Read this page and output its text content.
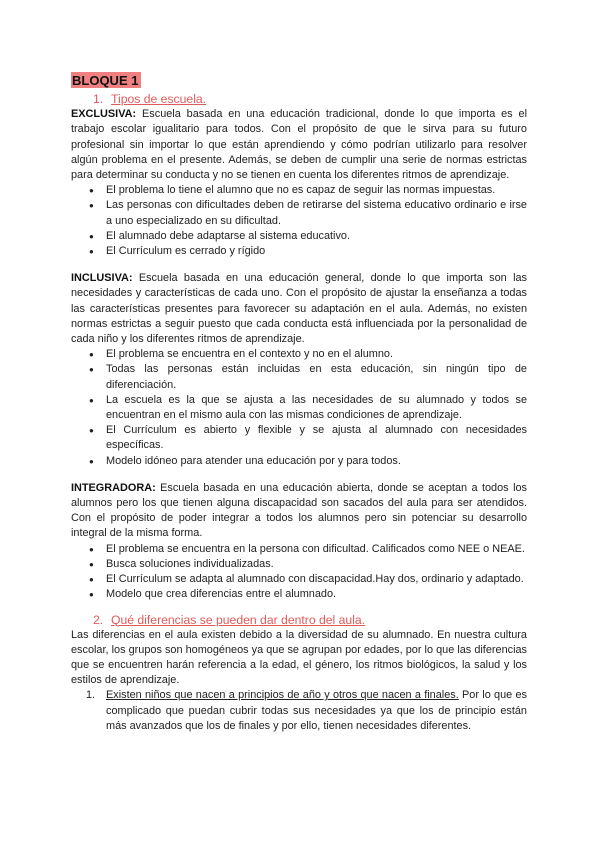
BLOQUE 1
1. Tipos de escuela.

EXCLUSIVA: Escuela basada en una educación tradicional, donde lo que importa es el trabajo escolar igualitario para todos. Con el propósito de que le sirva para su futuro profesional sin importar lo que están aprendiendo y cómo podrían utilizarlo para resolver algún problema en el presente. Además, se deben de cumplir una serie de normas estrictas para determinar su conducta y no se tienen en cuenta los diferentes ritmos de aprendizaje.

● El problema lo tiene el alumno que no es capaz de seguir las normas impuestas.
● Las personas con dificultades deben de retirarse del sistema educativo ordinario e irse a uno especializado en su dificultad.
● El alumnado debe adaptarse al sistema educativo.
● El Currículum es cerrado y rígido

INCLUSIVA: Escuela basada en una educación general, donde lo que importa son las necesidades y características de cada uno. Con el propósito de ajustar la enseñanza a todas las características presentes para favorecer su adaptación en el aula. Además, no existen normas estrictas a seguir puesto que cada conducta está influenciada por la personalidad de cada niño y los diferentes ritmos de aprendizaje.

● El problema se encuentra en el contexto y no en el alumno.
● Todas las personas están incluidas en esta educación, sin ningún tipo de diferenciación.
● La escuela es la que se ajusta a las necesidades de su alumnado y todos se encuentran en el mismo aula con las mismas condiciones de aprendizaje.
● El Currículum es abierto y flexible y se ajusta al alumnado con necesidades específicas.
● Modelo idóneo para atender una educación por y para todos.

INTEGRADORA: Escuela basada en una educación abierta, donde se aceptan a todos los alumnos pero los que tienen alguna discapacidad son sacados del aula para ser atendidos. Con el propósito de poder integrar a todos los alumnos pero sin potenciar su desarrollo integral de la misma forma.

● El problema se encuentra en la persona con dificultad. Calificados como NEE o NEAE.
● Busca soluciones individualizadas.
● El Currículum se adapta al alumnado con discapacidad.Hay dos, ordinario y adaptado.
● Modelo que crea diferencias entre el alumnado.
2. Qué diferencias se pueden dar dentro del aula.

Las diferencias en el aula existen debido a la diversidad de su alumnado. En nuestra cultura escolar, los grupos son homogéneos ya que se agrupan por edades, por lo que las diferencias que se encuentren harán referencia a la edad, el género, los ritmos biológicos, la salud y los estilos de aprendizaje.

1. Existen niños que nacen a principios de año y otros que nacen a finales. Por lo que es complicado que puedan cubrir todas sus necesidades ya que los de principio están más avanzados que los de finales y por ello, tienen necesidades diferentes.
